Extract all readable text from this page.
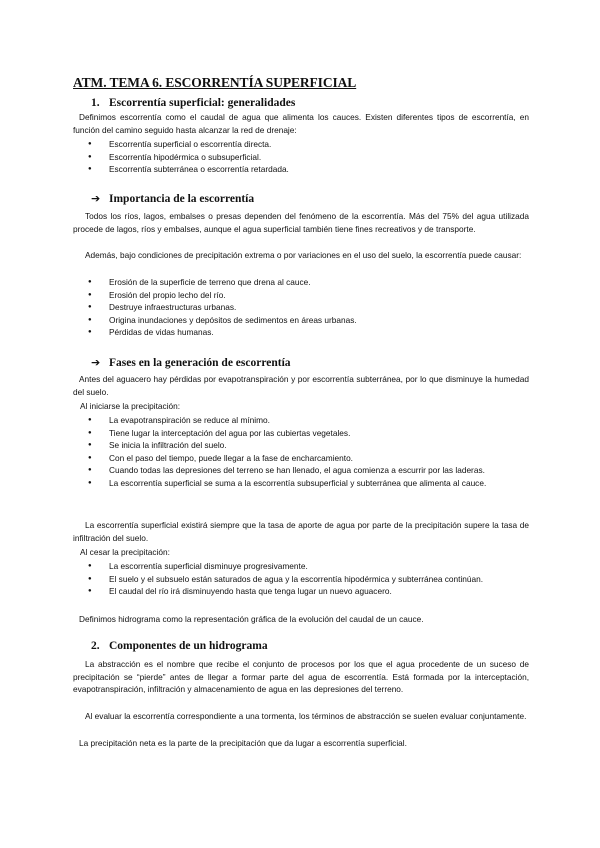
ATM. TEMA 6. ESCORRENTÍA SUPERFICIAL
1. Escorrentía superficial: generalidades

Definimos escorrentía como el caudal de agua que alimenta los cauces. Existen diferentes tipos de escorrentía, en función del camino seguido hasta alcanzar la red de drenaje:

● Escorrentía superficial o escorrentía directa.
● Escorrentía hipodérmica o subsuperficial.
● Escorrentía subterránea o escorrentía retardada.
➔ Importancia de la escorrentía

Todos los ríos, lagos, embalses o presas dependen del fenómeno de la escorrentía. Más del 75% del agua utilizada procede de lagos, ríos y embalses, aunque el agua superficial también tiene fines recreativos y de transporte.

Además, bajo condiciones de precipitación extrema o por variaciones en el uso del suelo, la escorrentía puede causar:

● Erosión de la superficie de terreno que drena al cauce.
● Erosión del propio lecho del río.
● Destruye infraestructuras urbanas.
● Origina inundaciones y depósitos de sedimentos en áreas urbanas.
● Pérdidas de vidas humanas.
➔ Fases en la generación de escorrentía

Antes del aguacero hay pérdidas por evapotranspiración y por escorrentía subterránea, por lo que disminuye la humedad del suelo.

Al iniciarse la precipitación:

● La evapotranspiración se reduce al mínimo.
● Tiene lugar la interceptación del agua por las cubiertas vegetales.
● Se inicia la infiltración del suelo.
● Con el paso del tiempo, puede llegar a la fase de encharcamiento.
● Cuando todas las depresiones del terreno se han llenado, el agua comienza a escurrir por las laderas.
● La escorrentía superficial se suma a la escorrentía subsuperficial y subterránea que alimenta al cauce.

La escorrentía superficial existirá siempre que la tasa de aporte de agua por parte de la precipitación supere la tasa de infiltración del suelo.

Al cesar la precipitación:

● La escorrentía superficial disminuye progresivamente.
● El suelo y el subsuelo están saturados de agua y la escorrentía hipodérmica y subterránea continúan.
● El caudal del río irá disminuyendo hasta que tenga lugar un nuevo aguacero.

Definimos hidrograma como la representación gráfica de la evolución del caudal de un cauce.

2. Componentes de un hidrograma

La abstracción es el nombre que recibe el conjunto de procesos por los que el agua procedente de un suceso de precipitación se “pierde” antes de llegar a formar parte del agua de escorrentía. Está formada por la interceptación, evapotranspiración, infiltración y almacenamiento de agua en las depresiones del terreno.

Al evaluar la escorrentía correspondiente a una tormenta, los términos de abstracción se suelen evaluar conjuntamente.

La precipitación neta es la parte de la precipitación que da lugar a escorrentía superficial.
